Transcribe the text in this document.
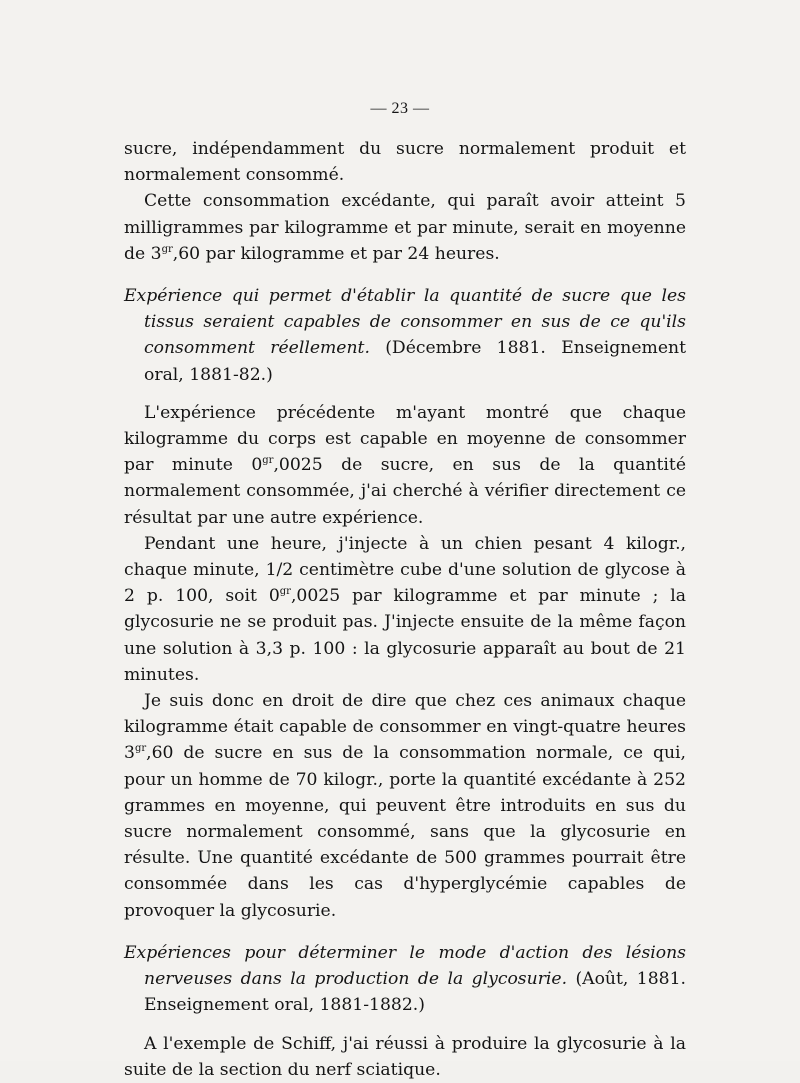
— 23 —

sucre, indépendamment du sucre normalement produit et normalement consommé.

Cette consommation excédante, qui paraît avoir atteint 5 milligrammes par kilogramme et par minute, serait en moyenne de $3^{gr},60$ par kilogramme et par 24 heures.

Expérience qui permet d'établir la quantité de sucre que les tissus seraient capables de consommer en sus de ce qu'ils consomment réellement. (Décembre 1881. Enseignement oral, 1881-82.)

L'expérience précédente m'ayant montré que chaque kilogramme du corps est capable en moyenne de consommer par minute $0^{gr},0025$ de sucre, en sus de la quantité normalement consommée, j'ai cherché à vérifier directement ce résultat par une autre expérience.

Pendant une heure, j'injecte à un chien pesant 4 kilogr., chaque minute, 1/2 centimètre cube d'une solution de glycose à 2 p. 100, soit $0^{gr},0025$ par kilogramme et par minute ; la glycosurie ne se produit pas. J'injecte ensuite de la même façon une solution à 3,3 p. 100 : la glycosurie apparaît au bout de 21 minutes.

Je suis donc en droit de dire que chez ces animaux chaque kilogramme était capable de consommer en vingt-quatre heures $3^{gr},60$ de sucre en sus de la consommation normale, ce qui, pour un homme de 70 kilogr., porte la quantité excédante à 252 grammes en moyenne, qui peuvent être introduits en sus du sucre normalement consommé, sans que la glycosurie en résulte. Une quantité excédante de 500 grammes pourrait être consommée dans les cas d'hyperglycémie capables de provoquer la glycosurie.

Expériences pour déterminer le mode d'action des lésions nerveuses dans la production de la glycosurie. (Août, 1881. Enseignement oral, 1881-1882.)

A l'exemple de Schiff, j'ai réussi à produire la glycosurie à la suite de la section du nerf sciatique.
